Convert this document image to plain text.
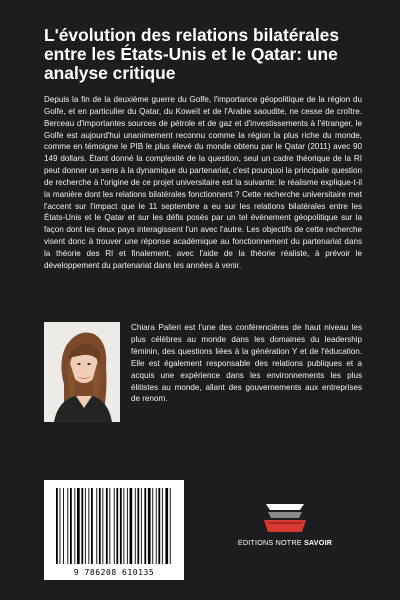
L'évolution des relations bilatérales entre les États-Unis et le Qatar: une analyse critique

Depuis la fin de la deuxième guerre du Golfe, l'importance géopolitique de la région du Golfe, et en particulier du Qatar, du Koweït et de l'Arabie saoudite, ne cesse de croître. Berceau d'importantes sources de pétrole et de gaz et d'investissements à l'étranger, le Golfe est aujourd'hui unanimement reconnu comme la région la plus riche du monde, comme en témoigne le PIB le plus élevé du monde obtenu par le Qatar (2011) avec 90 149 dollars. Étant donné la complexité de la question, seul un cadre théorique de la RI peut donner un sens à la dynamique du partenariat, c'est pourquoi la principale question de recherche à l'origine de ce projet universitaire est la suivante: le réalisme explique-t-il la manière dont les relations bilatérales fonctionnent ? Cette recherche universitaire met l'accent sur l'impact que le 11 septembre a eu sur les relations bilatérales entre les États-Unis et le Qatar et sur les défis posés par un tel événement géopolitique sur la façon dont les deux pays interagissent l'un avec l'autre. Les objectifs de cette recherche visent donc à trouver une réponse académique au fonctionnement du partenariat dans la théorie des RI et finalement, avec l'aide de la théorie réaliste, à prévoir le développement du partenariat dans les années à venir.

Chiara Palieri est l'une des conférencières de haut niveau les plus célèbres au monde dans les domaines du leadership féminin, des questions liées à la génération Y et de l'éducation. Elle est également responsable des relations publiques et a acquis une expérience dans les environnements les plus élitistes au monde, allant des gouvernements aux entreprises de renom.

9 786208 610135
EDITIONS NOTRE SAVOIR
